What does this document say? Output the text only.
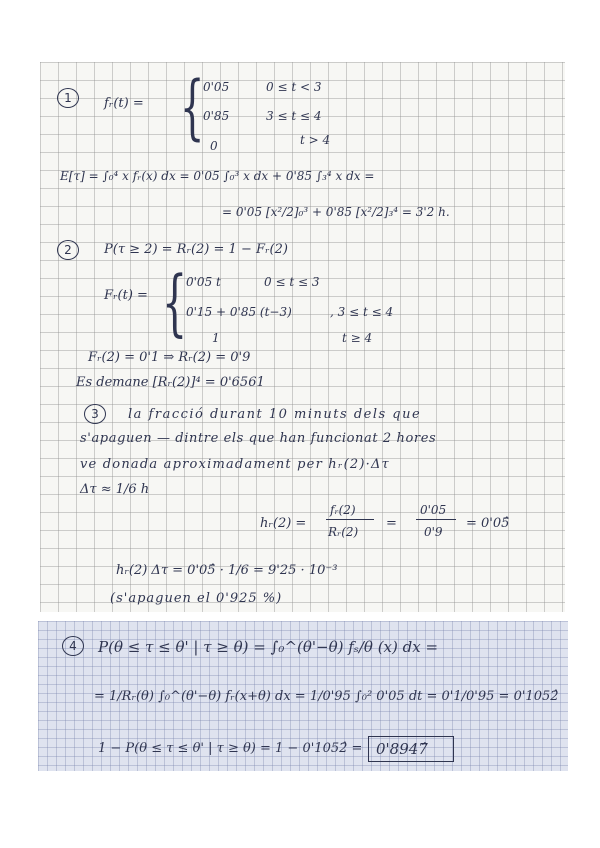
1	fᵣ(t) = {

0'05	0 ≤ t < 3

0'85	3 ≤ t ≤ 4

0	t > 4

E[τ] = ∫₀⁴ x fᵣ(x) dx = 0'05 ∫₀³ x dx + 0'85 ∫₃⁴ x dx =

= 0'05 [x²/2]₀³ + 0'85 [x²/2]₃⁴ = 3'2 h.

2	P(τ ≥ 2) = Rᵣ(2) = 1 − Fᵣ(2)

Fᵣ(t) = {

0'05 t	0 ≤ t ≤ 3

0'15 + 0'85 (t−3)	, 3 ≤ t ≤ 4

1	t ≥ 4

Fᵣ(2) = 0'1 ⇒ Rᵣ(2) = 0'9

Es demane [Rᵣ(2)]⁴ = 0'6561

3	la fracció durant 10 minuts dels que

s'apaguen — dintre els que han funcionat 2 hores

ve donada aproximadament per hᵣ(2)·Δτ

Δτ ≈ 1/6 h

hᵣ(2) =

fᵣ(2)

Rᵣ(2)

=

0'05

0'9

= 0'05̂

hᵣ(2) Δτ = 0'05̂ · 1/6 = 9'25 · 10⁻³

(s'apaguen el 0'925 %)

4	P(θ ≤ τ ≤ θ' | τ ≥ θ) = ∫₀^(θ'−θ) fₛ/θ (x) dx =

= 1/Rᵣ(θ) ∫₀^(θ'−θ) fᵣ(x+θ) dx = 1/0'95 ∫₀² 0'05 dt = 0'1/0'95 = 0'1052̂

1 − P(θ ≤ τ ≤ θ' | τ ≥ θ) = 1 − 0'1052̂ = 0'8947̂
